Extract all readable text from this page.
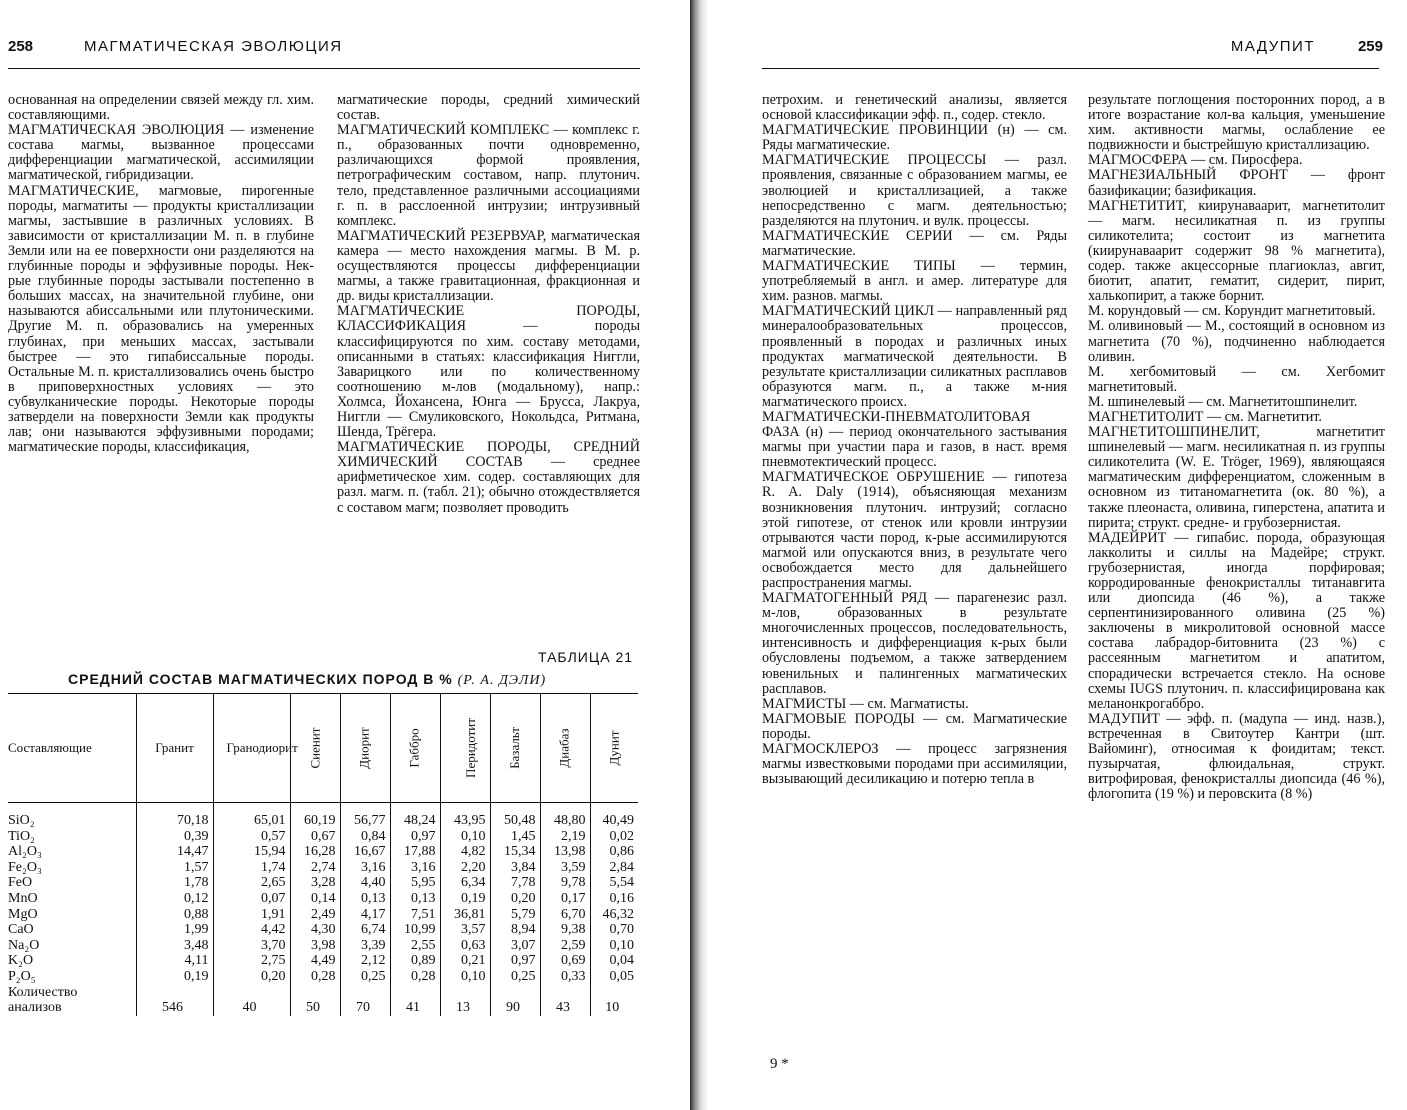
258	МАГМАТИЧЕСКАЯ ЭВОЛЮЦИЯ

основанная на определении связей между гл. хим. составляющими.

МАГМАТИЧЕСКАЯ ЭВОЛЮЦИЯ — изменение состава магмы, вызванное процессами дифференциации магматической, ассимиляции магматической, гибридизации.

МАГМАТИЧЕСКИЕ, магмовые, пирогенные породы, магматиты — продукты кристаллизации магмы, застывшие в различных условиях. В зависимости от кристаллизации М. п. в глубине Земли или на ее поверхности они разделяются на глубинные породы и эффузивные породы. Нек-рые глубинные породы застывали постепенно в больших массах, на значительной глубине, они называются абиссальными или плутоническими. Другие М. п. образовались на умеренных глубинах, при меньших массах, застывали быстрее — это гипабиссальные породы. Остальные М. п. кристаллизовались очень быстро в приповерхностных условиях — это субвулканические породы. Некоторые породы затвердели на поверхности Земли как продукты лав; они называются эффузивными породами; магматические породы, классификация,

магматические породы, средний химический состав.

МАГМАТИЧЕСКИЙ КОМПЛЕКС — комплекс г. п., образованных почти одновременно, различающихся формой проявления, петрографическим составом, напр. плутонич. тело, представленное различными ассоциациями г. п. в расслоенной интрузии; интрузивный комплекс.

МАГМАТИЧЕСКИЙ РЕЗЕРВУАР, магматическая камера — место нахождения магмы. В М. р. осуществляются процессы дифференциации магмы, а также гравитационная, фракционная и др. виды кристаллизации.

МАГМАТИЧЕСКИЕ ПОРОДЫ, КЛАССИФИКАЦИЯ — породы классифицируются по хим. составу методами, описанными в статьях: классификация Ниггли, Заварицкого или по количественному соотношению м-лов (модальному), напр.: Холмса, Йохансена, Юнга — Брусса, Лакруа, Ниггли — Смуликовского, Нокольдса, Ритмана, Шенда, Трёгера.

МАГМАТИЧЕСКИЕ ПОРОДЫ, СРЕДНИЙ ХИМИЧЕСКИЙ СОСТАВ — среднее арифметическое хим. содер. составляющих для разл. магм. п. (табл. 21); обычно отождествляется с составом магм; позволяет проводить

ТАБЛИЦА 21
СРЕДНИЙ СОСТАВ МАГМАТИЧЕСКИХ ПОРОД В % (Р. А. ДЭЛИ)
Составляющие	Гранит	Гранодиорит	Сиенит	Диорит	Габбро	Перидотит	Базальт	Диабаз	Дунит
SiO₂	70,18	65,01	60,19	56,77	48,24	43,95	50,48	48,80	40,49
TiO₂	0,39	0,57	0,67	0,84	0,97	0,10	1,45	2,19	0,02
Al₂O₃	14,47	15,94	16,28	16,67	17,88	4,82	15,34	13,98	0,86
Fe₂O₃	1,57	1,74	2,74	3,16	3,16	2,20	3,84	3,59	2,84
FeO	1,78	2,65	3,28	4,40	5,95	6,34	7,78	9,78	5,54
MnO	0,12	0,07	0,14	0,13	0,13	0,19	0,20	0,17	0,16
MgO	0,88	1,91	2,49	4,17	7,51	36,81	5,79	6,70	46,32
CaO	1,99	4,42	4,30	6,74	10,99	3,57	8,94	9,38	0,70
Na₂O	3,48	3,70	3,98	3,39	2,55	0,63	3,07	2,59	0,10
K₂O	4,11	2,75	4,49	2,12	0,89	0,21	0,97	0,69	0,04
P₂O₅	0,19	0,20	0,28	0,25	0,28	0,10	0,25	0,33	0,05
Количество									
анализов	546	40	50	70	41	13	90	43	10
МАДУПИТ	259

петрохим. и генетический анализы, является основой классификации эфф. п., содер. стекло.

МАГМАТИЧЕСКИЕ ПРОВИНЦИИ (н) — см. Ряды магматические.

МАГМАТИЧЕСКИЕ ПРОЦЕССЫ — разл. проявления, связанные с образованием магмы, ее эволюцией и кристаллизацией, а также непосредственно с магм. деятельностью; разделяются на плутонич. и вулк. процессы.

МАГМАТИЧЕСКИЕ СЕРИИ — см. Ряды магматические.

МАГМАТИЧЕСКИЕ ТИПЫ — термин, употребляемый в англ. и амер. литературе для хим. разнов. магмы.

МАГМАТИЧЕСКИЙ ЦИКЛ — направленный ряд минералообразовательных процессов, проявленный в породах и различных иных продуктах магматической деятельности. В результате кристаллизации силикатных расплавов образуются магм. п., а также м-ния магматического происх.

МАГМАТИЧЕСКИ-ПНЕВМАТОЛИТОВАЯ ФАЗА (н) — период окончательного застывания магмы при участии пара и газов, в наст. время пневмотектический процесс.

МАГМАТИЧЕСКОЕ ОБРУШЕНИЕ — гипотеза R. A. Daly (1914), объясняющая механизм возникновения плутонич. интрузий; согласно этой гипотезе, от стенок или кровли интрузии отрываются части пород, к-рые ассимилируются магмой или опускаются вниз, в результате чего освобождается место для дальнейшего распространения магмы.

МАГМАТОГЕННЫЙ РЯД — парагенезис разл. м-лов, образованных в результате многочисленных процессов, последовательность, интенсивность и дифференциация к-рых были обусловлены подъемом, а также затвердением ювенильных и палингенных магматических расплавов.

МАГМИСТЫ — см. Магматисты.

МАГМОВЫЕ ПОРОДЫ — см. Магматические породы.

МАГМОСКЛЕРОЗ — процесс загрязнения магмы известковыми породами при ассимиляции, вызывающий десиликацию и потерю тепла в

результате поглощения посторонних пород, а в итоге возрастание кол-ва кальция, уменьшение хим. активности магмы, ослабление ее подвижности и быстрейшую кристаллизацию.

МАГМОСФЕРА — см. Пиросфера.

МАГНЕЗИАЛЬНЫЙ ФРОНТ — фронт базификации; базификация.

МАГНЕТИТИТ, киирунаваарит, магнетитолит — магм. несиликатная п. из группы силикотелита; состоит из магнетита (киирунаваарит содержит 98 % магнетита), содер. также акцессорные плагиоклаз, авгит, биотит, апатит, гематит, сидерит, пирит, халькопирит, а также борнит.

М. корундовый — см. Корундит магнетитовый.

М. оливиновый — М., состоящий в основном из магнетита (70 %), подчиненно наблюдается оливин.

М. хегбомитовый — см. Хегбомит магнетитовый.

М. шпинелевый — см. Магнетитошпинелит.

МАГНЕТИТОЛИТ — см. Магнетитит.

МАГНЕТИТОШПИНЕЛИТ, магнетитит шпинелевый — магм. несиликатная п. из группы силикотелита (W. E. Tröger, 1969), являющаяся магматическим дифференциатом, сложенным в основном из титаномагнетита (ок. 80 %), а также плеонаста, оливина, гиперстена, апатита и пирита; структ. средне- и грубозернистая.

МАДЕЙРИТ — гипабис. порода, образующая лакколиты и силлы на Мадейре; структ. грубозернистая, иногда порфировая; корродированные фенокристаллы титанавгита или диопсида (46 %), а также серпентинизированного оливина (25 %) заключены в микролитовой основной массе состава лабрадор-битовнита (23 %) с рассеянным магнетитом и апатитом, спорадически встречается стекло. На основе схемы IUGS плутонич. п. классифицирована как меланонкрогаббро.

МАДУПИТ — эфф. п. (мадупа — инд. назв.), встреченная в Свитоутер Кантри (шт. Вайоминг), относимая к фоидитам; текст. пузырчатая, флюидальная, структ. витрофировая, фенокристаллы диопсида (46 %), флогопита (19 %) и перовскита (8 %)

9 *
